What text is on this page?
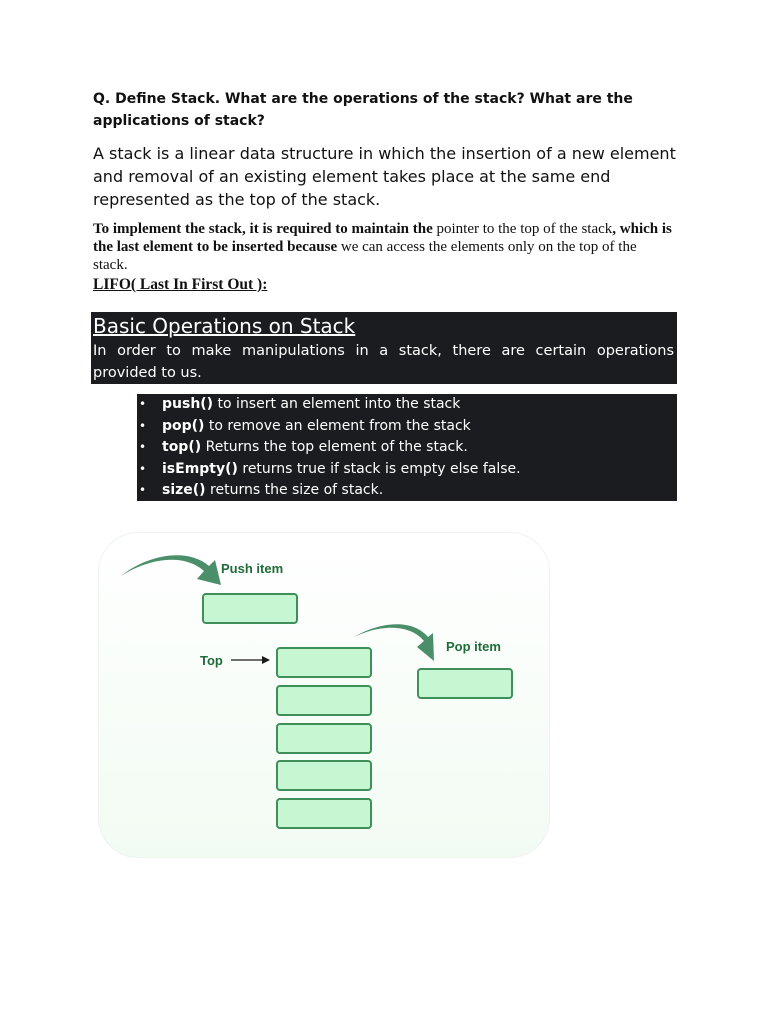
Q. Define Stack. What are the operations of the stack? What are the applications of stack?
A stack is a linear data structure in which the insertion of a new element and removal of an existing element takes place at the same end represented as the top of the stack.
To implement the stack, it is required to maintain the pointer to the top of the stack, which is the last element to be inserted because we can access the elements only on the top of the stack.
LIFO( Last In First Out ):
Basic Operations on Stack
In order to make manipulations in a stack, there are certain operations provided to us.
• push() to insert an element into the stack
• pop() to remove an element from the stack
• top() Returns the top element of the stack.
• isEmpty() returns true if stack is empty else false.
• size() returns the size of stack.
Push item
Pop item
Top
